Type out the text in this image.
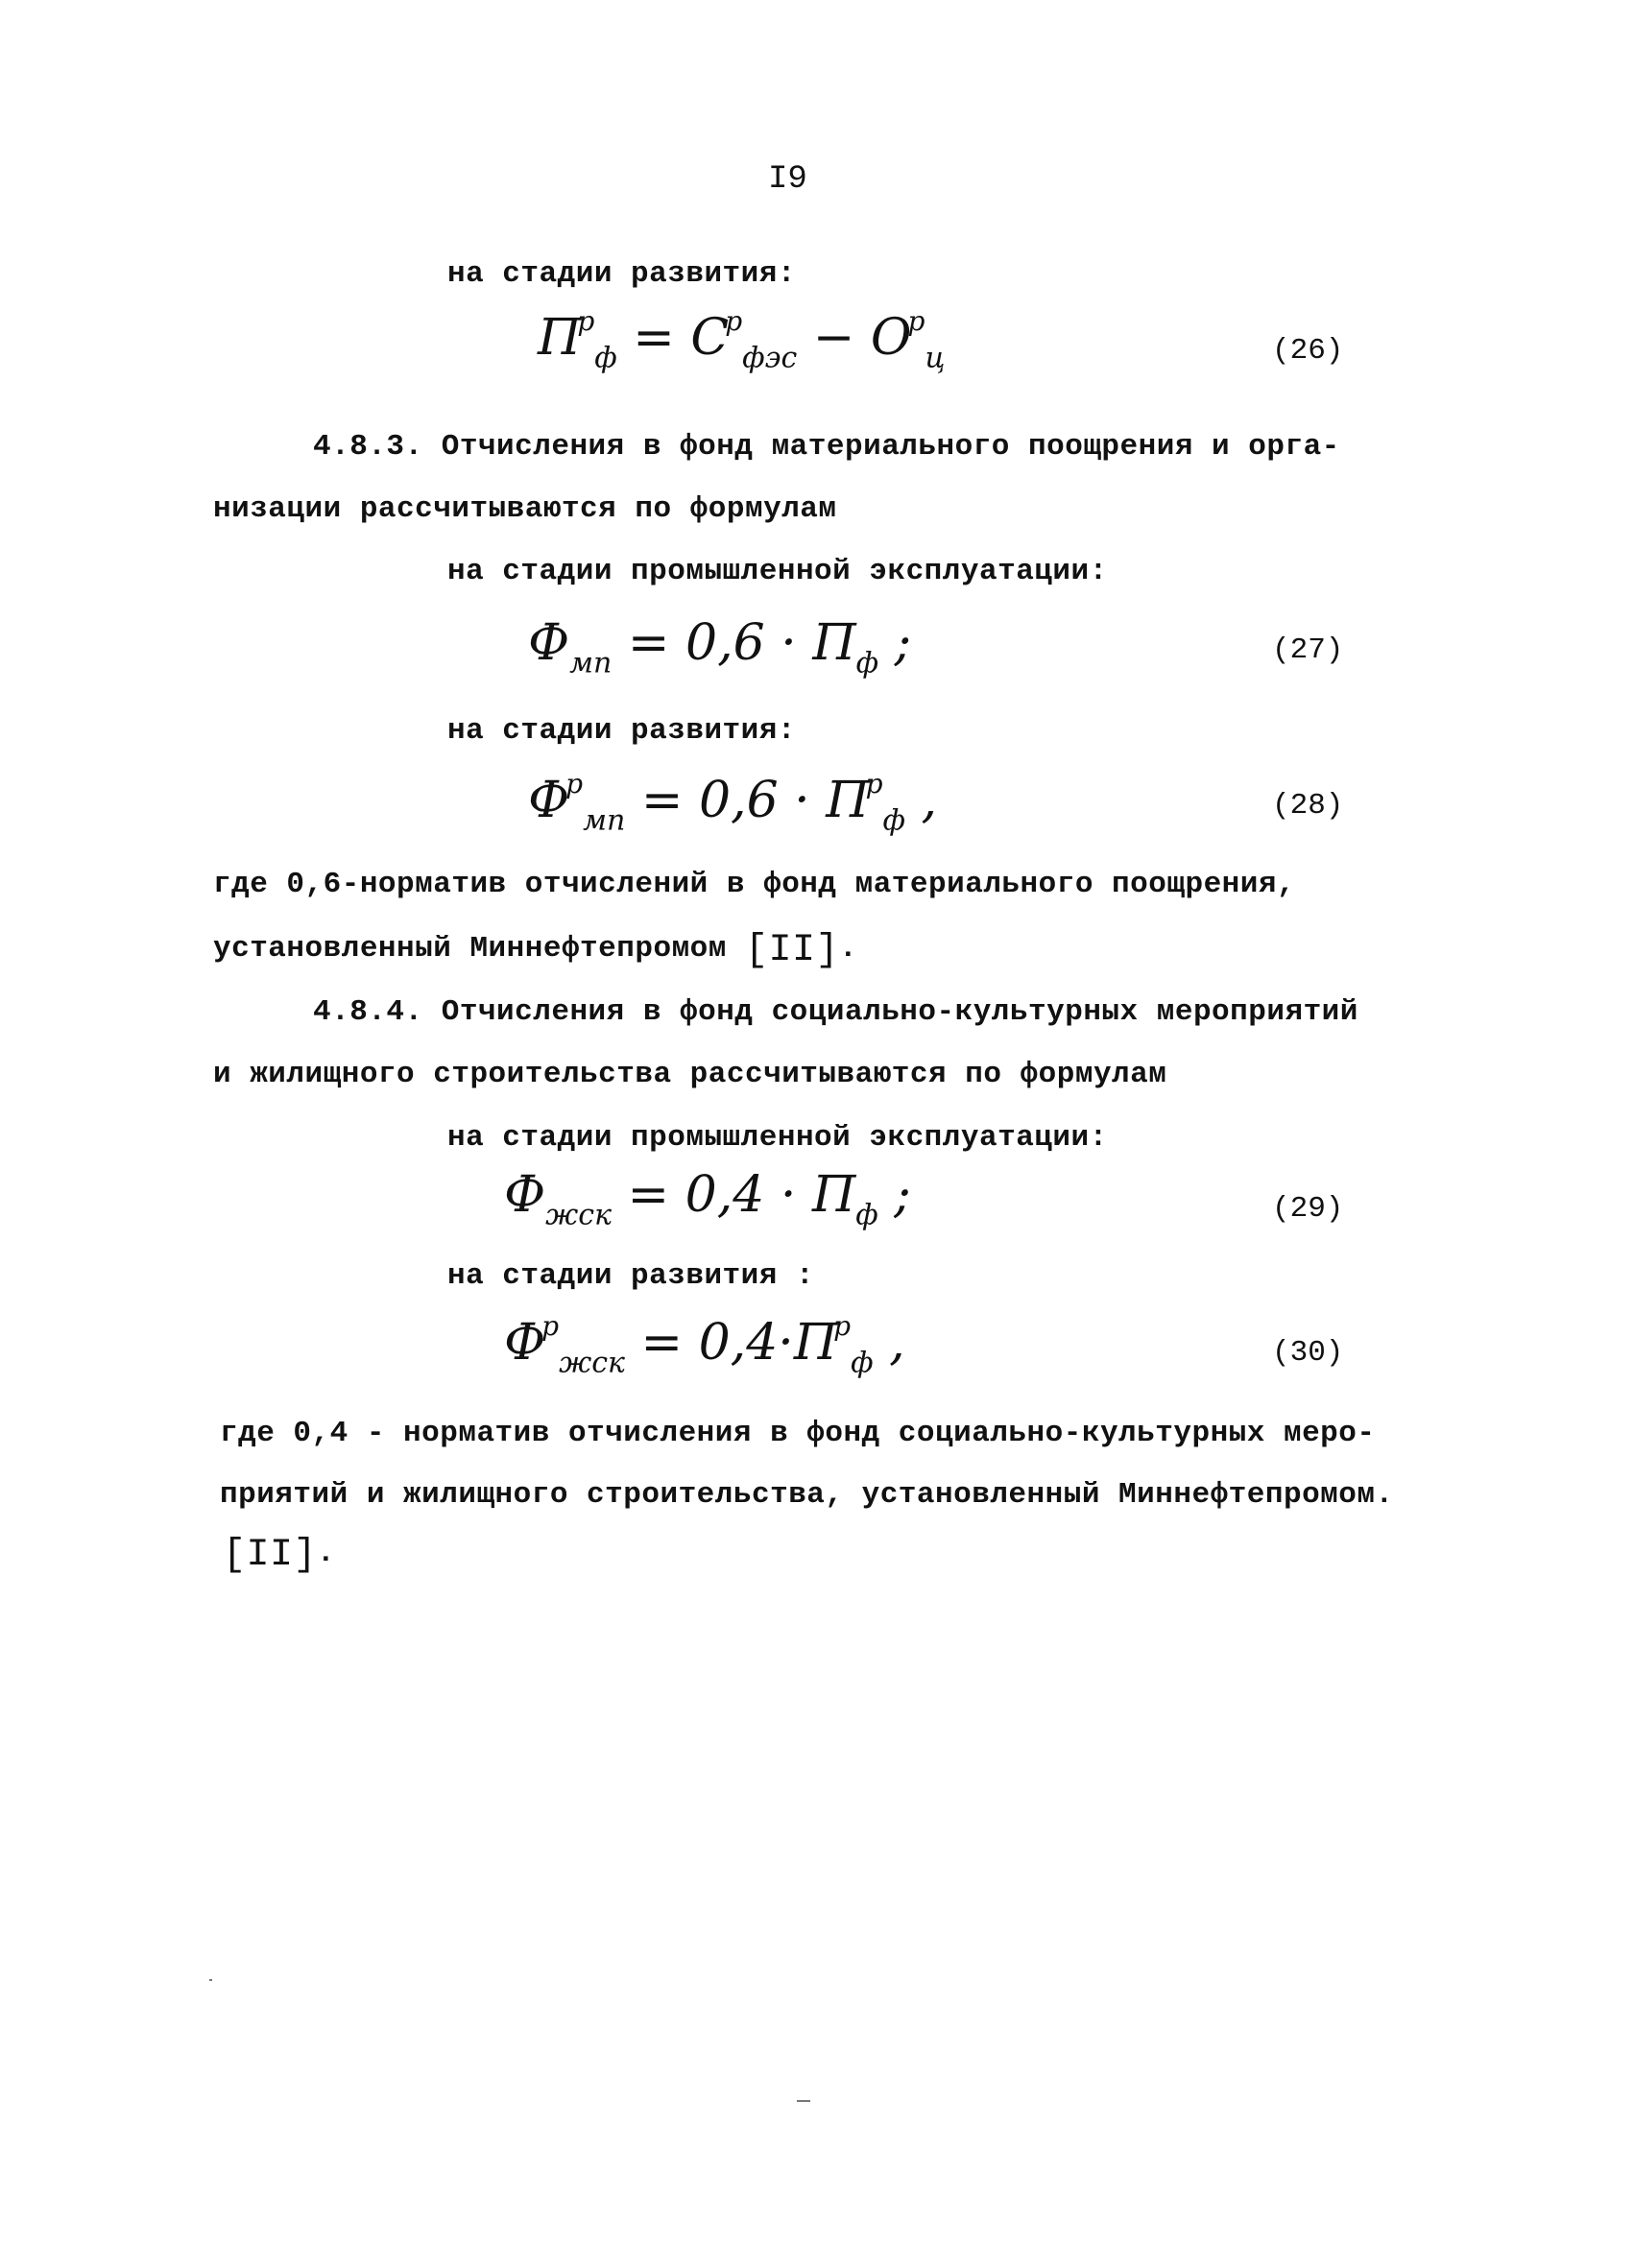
I9
на стадии развития:
$П^р_ф = С^р_{фэс} - О^р_ц$	(26)
4.8.3. Отчисления в фонд материального поощрения и орга-
низации рассчитываются по формулам
на стадии промышленной эксплуатации:
$Ф_{мп} = 0,6 \cdot П_ф$ ;	(27)
на стадии развития:
$Ф^р_{мп} = 0,6 \cdot П^р_ф$ ,	(28)
где 0,6-норматив отчислений в фонд материального поощрения,
установленный Миннефтепромом [II].
4.8.4. Отчисления в фонд социально-культурных мероприятий
и жилищного строительства рассчитываются по формулам
на стадии промышленной эксплуатации:
$Ф_{жск} = 0,4 \cdot П_ф$ ;	(29)
на стадии развития :
$Ф^р_{жск} = 0,4\cdot П^р_ф$ ,	(30)
где 0,4 - норматив отчисления в фонд социально-культурных меро-
приятий и жилищного строительства, установленный Миннефтепромом.
[II].
